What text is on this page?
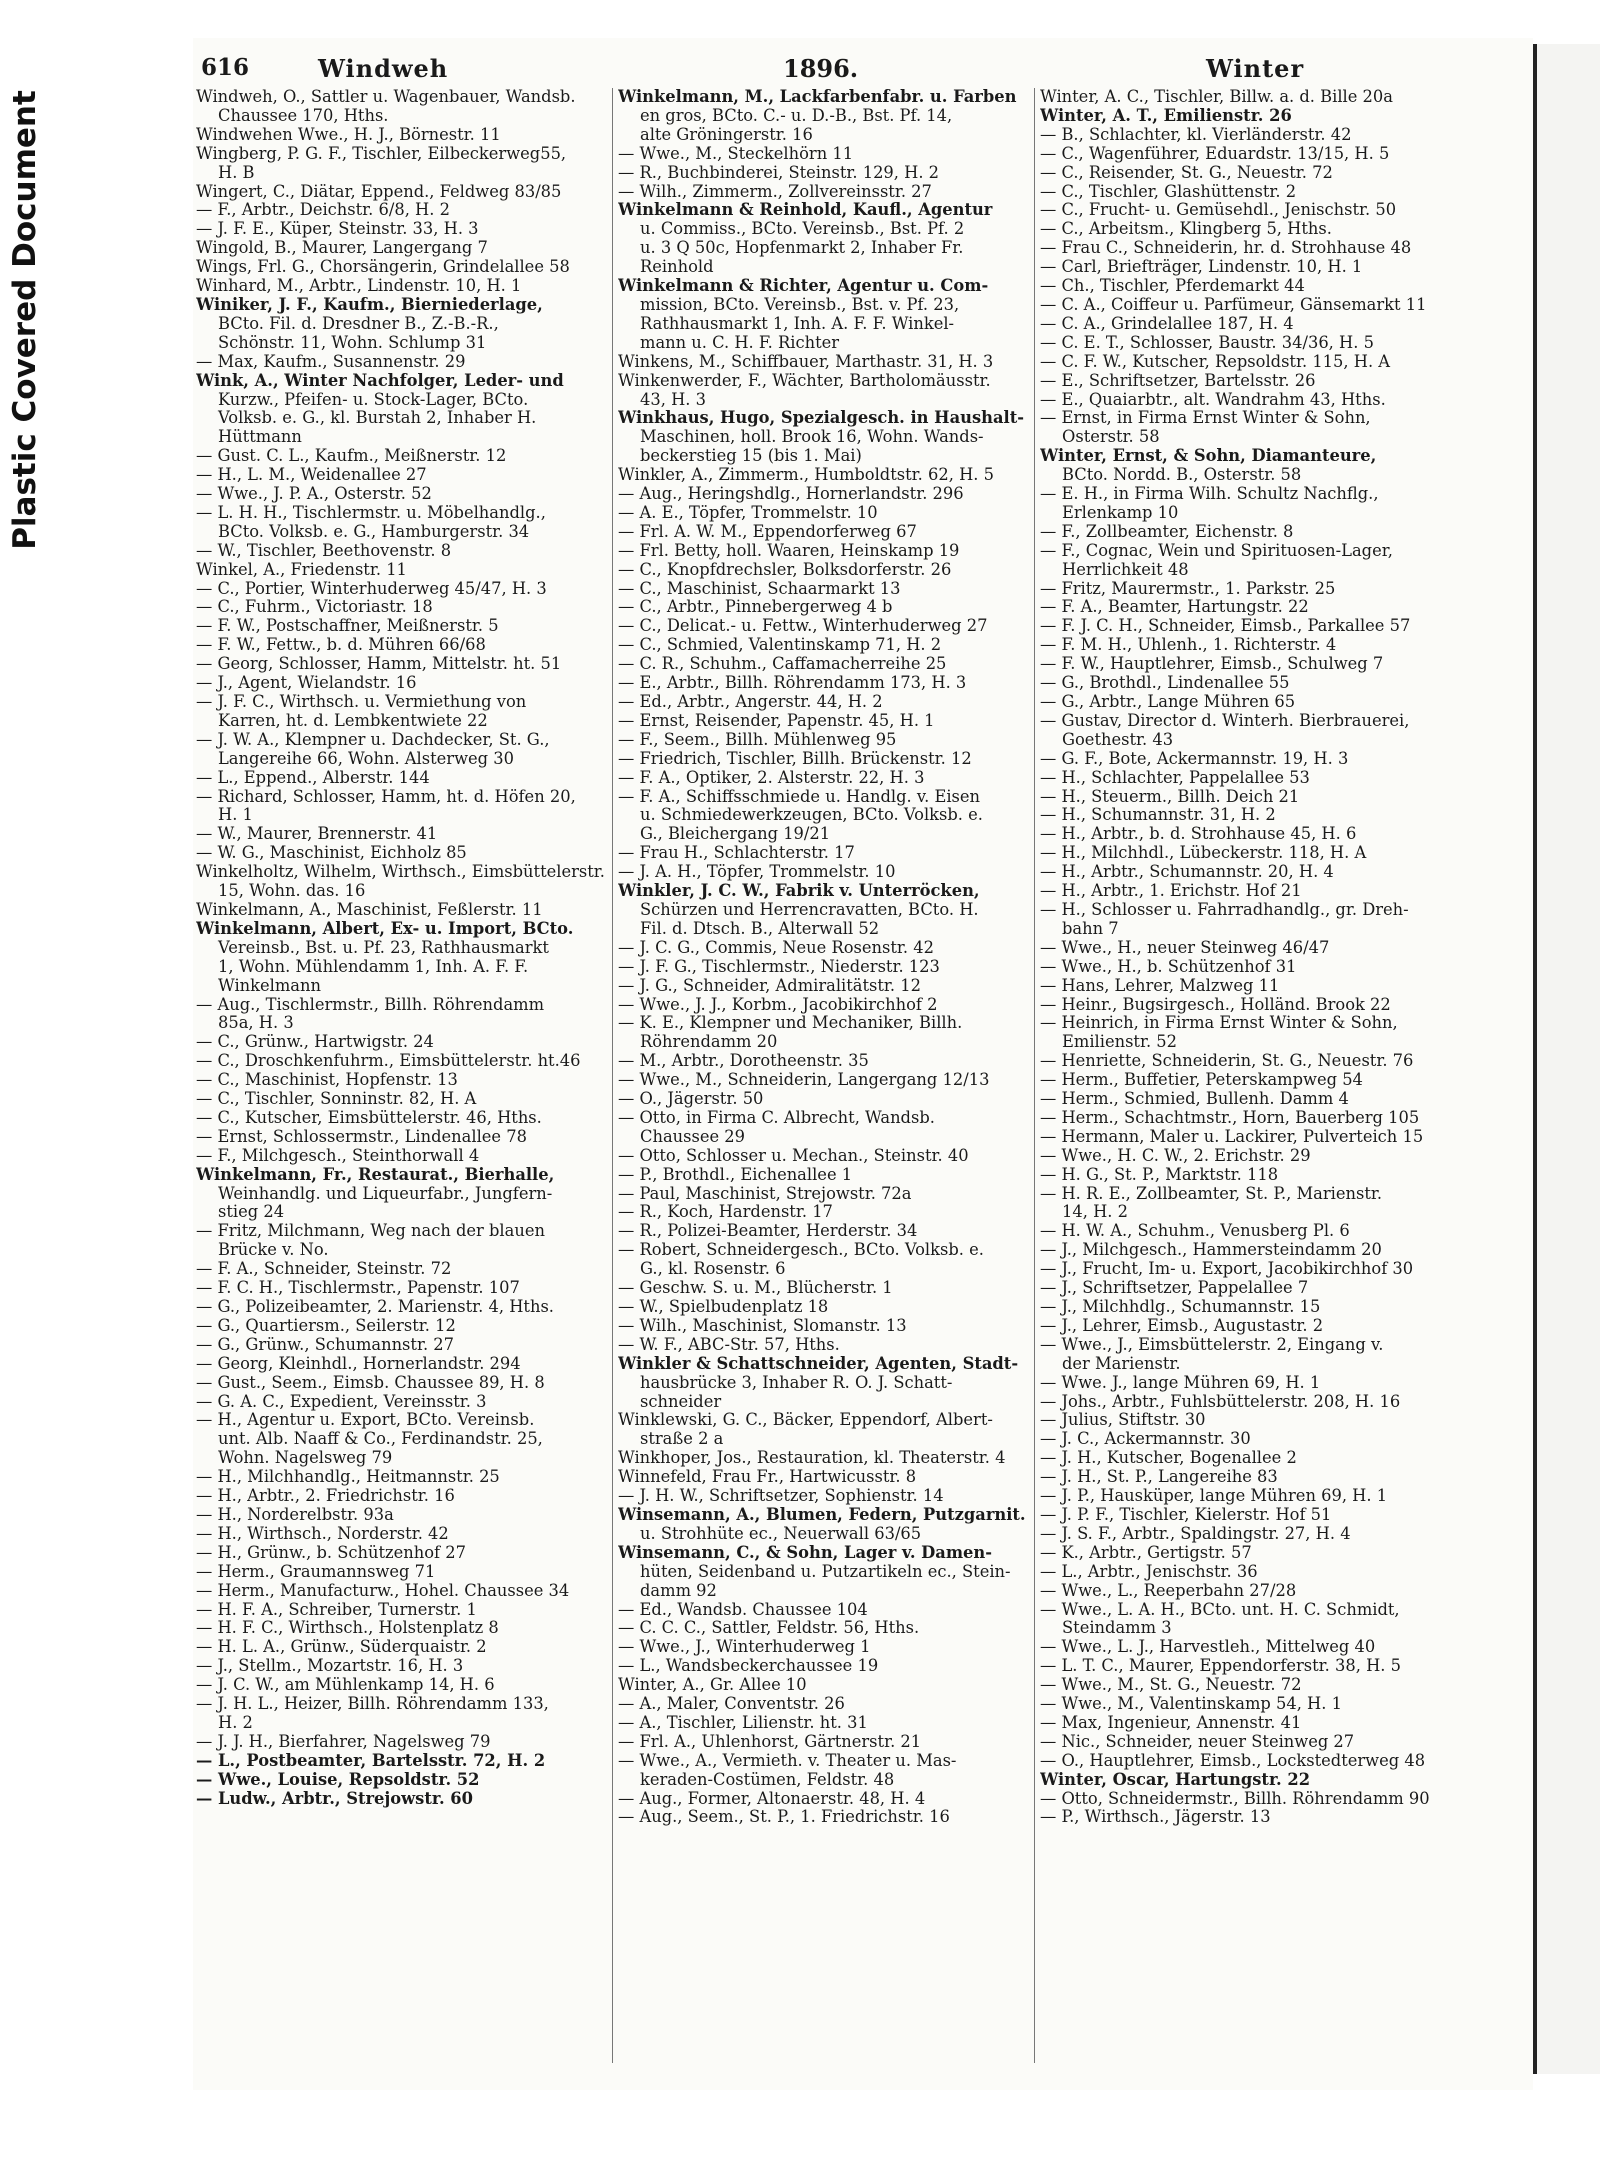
Plastic Covered Document
616	Windweh	1896.	Winter
Windweh, O., Sattler u. Wagenbauer, Wandsb.
Chaussee 170, Hths.
Windwehen Wwe., H. J., Börnestr. 11
Wingberg, P. G. F., Tischler, Eilbeckerweg55,
H. B
Wingert, C., Diätar, Eppend., Feldweg 83/85
— F., Arbtr., Deichstr. 6/8, H. 2
— J. F. E., Küper, Steinstr. 33, H. 3
Wingold, B., Maurer, Langergang 7
Wings, Frl. G., Chorsängerin, Grindelallee 58
Winhard, M., Arbtr., Lindenstr. 10, H. 1
Winiker, J. F., Kaufm., Bierniederlage,
BCto. Fil. d. Dresdner B., Z.-B.-R.,
Schönstr. 11, Wohn. Schlump 31
— Max, Kaufm., Susannenstr. 29
Wink, A., Winter Nachfolger, Leder- und
Kurzw., Pfeifen- u. Stock-Lager, BCto.
Volksb. e. G., kl. Burstah 2, Inhaber H.
Hüttmann
— Gust. C. L., Kaufm., Meißnerstr. 12
— H., L. M., Weidenallee 27
— Wwe., J. P. A., Osterstr. 52
— L. H. H., Tischlermstr. u. Möbelhandlg.,
BCto. Volksb. e. G., Hamburgerstr. 34
— W., Tischler, Beethovenstr. 8
Winkel, A., Friedenstr. 11
— C., Portier, Winterhuderweg 45/47, H. 3
— C., Fuhrm., Victoriastr. 18
— F. W., Postschaffner, Meißnerstr. 5
— F. W., Fettw., b. d. Mühren 66/68
— Georg, Schlosser, Hamm, Mittelstr. ht. 51
— J., Agent, Wielandstr. 16
— J. F. C., Wirthsch. u. Vermiethung von
Karren, ht. d. Lembkentwiete 22
— J. W. A., Klempner u. Dachdecker, St. G.,
Langereihe 66, Wohn. Alsterweg 30
— L., Eppend., Alberstr. 144
— Richard, Schlosser, Hamm, ht. d. Höfen 20,
H. 1
— W., Maurer, Brennerstr. 41
— W. G., Maschinist, Eichholz 85
Winkelholtz, Wilhelm, Wirthsch., Eimsbüttelerstr.
15, Wohn. das. 16
Winkelmann, A., Maschinist, Feßlerstr. 11
Winkelmann, Albert, Ex- u. Import, BCto.
Vereinsb., Bst. u. Pf. 23, Rathhausmarkt
1, Wohn. Mühlendamm 1, Inh. A. F. F.
Winkelmann
— Aug., Tischlermstr., Billh. Röhrendamm
85a, H. 3
— C., Grünw., Hartwigstr. 24
— C., Droschkenfuhrm., Eimsbüttelerstr. ht.46
— C., Maschinist, Hopfenstr. 13
— C., Tischler, Sonninstr. 82, H. A
— C., Kutscher, Eimsbüttelerstr. 46, Hths.
— Ernst, Schlossermstr., Lindenallee 78
— F., Milchgesch., Steinthorwall 4
Winkelmann, Fr., Restaurat., Bierhalle,
Weinhandlg. und Liqueurfabr., Jungfern-
stieg 24
— Fritz, Milchmann, Weg nach der blauen
Brücke v. No.
— F. A., Schneider, Steinstr. 72
— F. C. H., Tischlermstr., Papenstr. 107
— G., Polizeibeamter, 2. Marienstr. 4, Hths.
— G., Quartiersm., Seilerstr. 12
— G., Grünw., Schumannstr. 27
— Georg, Kleinhdl., Hornerlandstr. 294
— Gust., Seem., Eimsb. Chaussee 89, H. 8
— G. A. C., Expedient, Vereinsstr. 3
— H., Agentur u. Export, BCto. Vereinsb.
unt. Alb. Naaff & Co., Ferdinandstr. 25,
Wohn. Nagelsweg 79
— H., Milchhandlg., Heitmannstr. 25
— H., Arbtr., 2. Friedrichstr. 16
— H., Norderelbstr. 93a
— H., Wirthsch., Norderstr. 42
— H., Grünw., b. Schützenhof 27
— Herm., Graumannsweg 71
— Herm., Manufacturw., Hohel. Chaussee 34
— H. F. A., Schreiber, Turnerstr. 1
— H. F. C., Wirthsch., Holstenplatz 8
— H. L. A., Grünw., Süderquaistr. 2
— J., Stellm., Mozartstr. 16, H. 3
— J. C. W., am Mühlenkamp 14, H. 6
— J. H. L., Heizer, Billh. Röhrendamm 133,
H. 2
— J. J. H., Bierfahrer, Nagelsweg 79
— L., Postbeamter, Bartelsstr. 72, H. 2
— Wwe., Louise, Repsoldstr. 52
— Ludw., Arbtr., Strejowstr. 60
Winkelmann, M., Lackfarbenfabr. u. Farben
en gros, BCto. C.- u. D.-B., Bst. Pf. 14,
alte Gröningerstr. 16
— Wwe., M., Steckelhörn 11
— R., Buchbinderei, Steinstr. 129, H. 2
— Wilh., Zimmerm., Zollvereinsstr. 27
Winkelmann & Reinhold, Kaufl., Agentur
u. Commiss., BCto. Vereinsb., Bst. Pf. 2
u. 3 Q 50c, Hopfenmarkt 2, Inhaber Fr.
Reinhold
Winkelmann & Richter, Agentur u. Com-
mission, BCto. Vereinsb., Bst. v. Pf. 23,
Rathhausmarkt 1, Inh. A. F. F. Winkel-
mann u. C. H. F. Richter
Winkens, M., Schiffbauer, Marthastr. 31, H. 3
Winkenwerder, F., Wächter, Bartholomäusstr.
43, H. 3
Winkhaus, Hugo, Spezialgesch. in Haushalt-
Maschinen, holl. Brook 16, Wohn. Wands-
beckerstieg 15 (bis 1. Mai)
Winkler, A., Zimmerm., Humboldtstr. 62, H. 5
— Aug., Heringshdlg., Hornerlandstr. 296
— A. E., Töpfer, Trommelstr. 10
— Frl. A. W. M., Eppendorferweg 67
— Frl. Betty, holl. Waaren, Heinskamp 19
— C., Knopfdrechsler, Bolksdorferstr. 26
— C., Maschinist, Schaarmarkt 13
— C., Arbtr., Pinnebergerweg 4 b
— C., Delicat.- u. Fettw., Winterhuderweg 27
— C., Schmied, Valentinskamp 71, H. 2
— C. R., Schuhm., Caffamacherreihe 25
— E., Arbtr., Billh. Röhrendamm 173, H. 3
— Ed., Arbtr., Angerstr. 44, H. 2
— Ernst, Reisender, Papenstr. 45, H. 1
— F., Seem., Billh. Mühlenweg 95
— Friedrich, Tischler, Billh. Brückenstr. 12
— F. A., Optiker, 2. Alsterstr. 22, H. 3
— F. A., Schiffsschmiede u. Handlg. v. Eisen
u. Schmiedewerkzeugen, BCto. Volksb. e.
G., Bleichergang 19/21
— Frau H., Schlachterstr. 17
— J. A. H., Töpfer, Trommelstr. 10
Winkler, J. C. W., Fabrik v. Unterröcken,
Schürzen und Herrencravatten, BCto. H.
Fil. d. Dtsch. B., Alterwall 52
— J. C. G., Commis, Neue Rosenstr. 42
— J. F. G., Tischlermstr., Niederstr. 123
— J. G., Schneider, Admiralitätstr. 12
— Wwe., J. J., Korbm., Jacobikirchhof 2
— K. E., Klempner und Mechaniker, Billh.
Röhrendamm 20
— M., Arbtr., Dorotheenstr. 35
— Wwe., M., Schneiderin, Langergang 12/13
— O., Jägerstr. 50
— Otto, in Firma C. Albrecht, Wandsb.
Chaussee 29
— Otto, Schlosser u. Mechan., Steinstr. 40
— P., Brothdl., Eichenallee 1
— Paul, Maschinist, Strejowstr. 72a
— R., Koch, Hardenstr. 17
— R., Polizei-Beamter, Herderstr. 34
— Robert, Schneidergesch., BCto. Volksb. e.
G., kl. Rosenstr. 6
— Geschw. S. u. M., Blücherstr. 1
— W., Spielbudenplatz 18
— Wilh., Maschinist, Slomanstr. 13
— W. F., ABC-Str. 57, Hths.
Winkler & Schattschneider, Agenten, Stadt-
hausbrücke 3, Inhaber R. O. J. Schatt-
schneider
Winklewski, G. C., Bäcker, Eppendorf, Albert-
straße 2 a
Winkhoper, Jos., Restauration, kl. Theaterstr. 4
Winnefeld, Frau Fr., Hartwicusstr. 8
— J. H. W., Schriftsetzer, Sophienstr. 14
Winsemann, A., Blumen, Federn, Putzgarnit.
u. Strohhüte ec., Neuerwall 63/65
Winsemann, C., & Sohn, Lager v. Damen-
hüten, Seidenband u. Putzartikeln ec., Stein-
damm 92
— Ed., Wandsb. Chaussee 104
— C. C. C., Sattler, Feldstr. 56, Hths.
— Wwe., J., Winterhuderweg 1
— L., Wandsbeckerchaussee 19
Winter, A., Gr. Allee 10
— A., Maler, Conventstr. 26
— A., Tischler, Lilienstr. ht. 31
— Frl. A., Uhlenhorst, Gärtnerstr. 21
— Wwe., A., Vermieth. v. Theater u. Mas-
keraden-Costümen, Feldstr. 48
— Aug., Former, Altonaerstr. 48, H. 4
— Aug., Seem., St. P., 1. Friedrichstr. 16
Winter, A. C., Tischler, Billw. a. d. Bille 20a
Winter, A. T., Emilienstr. 26
— B., Schlachter, kl. Vierländerstr. 42
— C., Wagenführer, Eduardstr. 13/15, H. 5
— C., Reisender, St. G., Neuestr. 72
— C., Tischler, Glashüttenstr. 2
— C., Frucht- u. Gemüsehdl., Jenischstr. 50
— C., Arbeitsm., Klingberg 5, Hths.
— Frau C., Schneiderin, hr. d. Strohhause 48
— Carl, Briefträger, Lindenstr. 10, H. 1
— Ch., Tischler, Pferdemarkt 44
— C. A., Coiffeur u. Parfümeur, Gänsemarkt 11
— C. A., Grindelallee 187, H. 4
— C. E. T., Schlosser, Baustr. 34/36, H. 5
— C. F. W., Kutscher, Repsoldstr. 115, H. A
— E., Schriftsetzer, Bartelsstr. 26
— E., Quaiarbtr., alt. Wandrahm 43, Hths.
— Ernst, in Firma Ernst Winter & Sohn,
Osterstr. 58
Winter, Ernst, & Sohn, Diamanteure,
BCto. Nordd. B., Osterstr. 58
— E. H., in Firma Wilh. Schultz Nachflg.,
Erlenkamp 10
— F., Zollbeamter, Eichenstr. 8
— F., Cognac, Wein und Spirituosen-Lager,
Herrlichkeit 48
— Fritz, Maurermstr., 1. Parkstr. 25
— F. A., Beamter, Hartungstr. 22
— F. J. C. H., Schneider, Eimsb., Parkallee 57
— F. M. H., Uhlenh., 1. Richterstr. 4
— F. W., Hauptlehrer, Eimsb., Schulweg 7
— G., Brothdl., Lindenallee 55
— G., Arbtr., Lange Mühren 65
— Gustav, Director d. Winterh. Bierbrauerei,
Goethestr. 43
— G. F., Bote, Ackermannstr. 19, H. 3
— H., Schlachter, Pappelallee 53
— H., Steuerm., Billh. Deich 21
— H., Schumannstr. 31, H. 2
— H., Arbtr., b. d. Strohhause 45, H. 6
— H., Milchhdl., Lübeckerstr. 118, H. A
— H., Arbtr., Schumannstr. 20, H. 4
— H., Arbtr., 1. Erichstr. Hof 21
— H., Schlosser u. Fahrradhandlg., gr. Dreh-
bahn 7
— Wwe., H., neuer Steinweg 46/47
— Wwe., H., b. Schützenhof 31
— Hans, Lehrer, Malzweg 11
— Heinr., Bugsirgesch., Holländ. Brook 22
— Heinrich, in Firma Ernst Winter & Sohn,
Emilienstr. 52
— Henriette, Schneiderin, St. G., Neuestr. 76
— Herm., Buffetier, Peterskampweg 54
— Herm., Schmied, Bullenh. Damm 4
— Herm., Schachtmstr., Horn, Bauerberg 105
— Hermann, Maler u. Lackirer, Pulverteich 15
— Wwe., H. C. W., 2. Erichstr. 29
— H. G., St. P., Marktstr. 118
— H. R. E., Zollbeamter, St. P., Marienstr.
14, H. 2
— H. W. A., Schuhm., Venusberg Pl. 6
— J., Milchgesch., Hammersteindamm 20
— J., Frucht, Im- u. Export, Jacobikirchhof 30
— J., Schriftsetzer, Pappelallee 7
— J., Milchhdlg., Schumannstr. 15
— J., Lehrer, Eimsb., Augustastr. 2
— Wwe., J., Eimsbüttelerstr. 2, Eingang v.
der Marienstr.
— Wwe. J., lange Mühren 69, H. 1
— Johs., Arbtr., Fuhlsbüttelerstr. 208, H. 16
— Julius, Stiftstr. 30
— J. C., Ackermannstr. 30
— J. H., Kutscher, Bogenallee 2
— J. H., St. P., Langereihe 83
— J. P., Hausküper, lange Mühren 69, H. 1
— J. P. F., Tischler, Kielerstr. Hof 51
— J. S. F., Arbtr., Spaldingstr. 27, H. 4
— K., Arbtr., Gertigstr. 57
— L., Arbtr., Jenischstr. 36
— Wwe., L., Reeperbahn 27/28
— Wwe., L. A. H., BCto. unt. H. C. Schmidt,
Steindamm 3
— Wwe., L. J., Harvestleh., Mittelweg 40
— L. T. C., Maurer, Eppendorferstr. 38, H. 5
— Wwe., M., St. G., Neuestr. 72
— Wwe., M., Valentinskamp 54, H. 1
— Max, Ingenieur, Annenstr. 41
— Nic., Schneider, neuer Steinweg 27
— O., Hauptlehrer, Eimsb., Lockstedterweg 48
Winter, Oscar, Hartungstr. 22
— Otto, Schneidermstr., Billh. Röhrendamm 90
— P., Wirthsch., Jägerstr. 13
